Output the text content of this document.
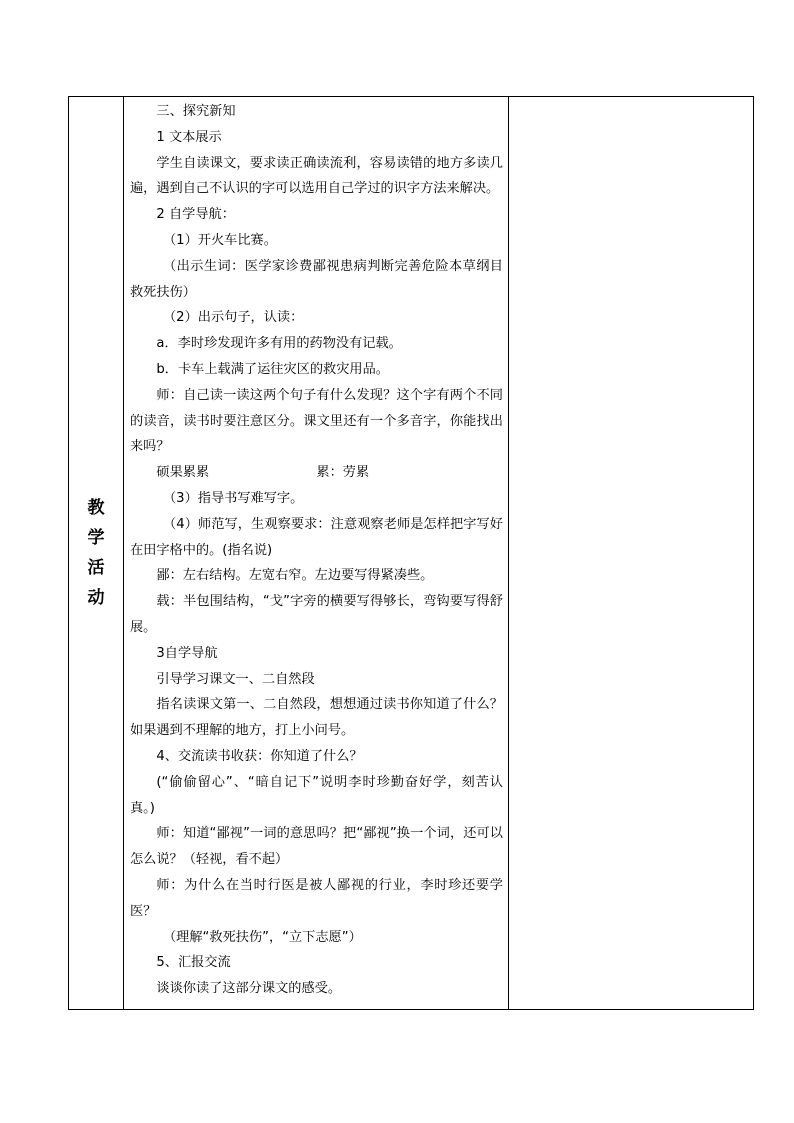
教学活动	

三、探究新知

1 文本展示

学生自读课文，要求读正确读流利，容易读错的地方多读几遍，遇到自己不认识的字可以选用自己学过的识字方法来解决。

2 自学导航：

（1）开火车比赛。

（出示生词：医学家诊费鄙视患病判断完善危险本草纲目救死扶伤）

（2）出示句子，认读：

a．李时珍发现许多有用的药物没有记载。

b．卡车上载满了运往灾区的救灾用品。

师：自己读一读这两个句子有什么发现？这个字有两个不同的读音，读书时要注意区分。课文里还有一个多音字，你能找出来吗？

硕果累累	累：劳累

（3）指导书写难写字。

（4）师范写，生观察要求：注意观察老师是怎样把字写好在田字格中的。(指名说)

鄙：左右结构。左宽右窄。左边要写得紧凑些。

载：半包围结构，“戈”字旁的横要写得够长，弯钩要写得舒展。

3自学导航

引导学习课文一、二自然段

指名读课文第一、二自然段，想想通过读书你知道了什么？如果遇到不理解的地方，打上小问号。

4、交流读书收获：你知道了什么？

(“偷偷留心”、“暗自记下”说明李时珍勤奋好学，刻苦认真。)

师：知道“鄙视”一词的意思吗？把“鄙视”换一个词，还可以怎么说？（轻视，看不起）

师：为什么在当时行医是被人鄙视的行业，李时珍还要学医？

（理解“救死扶伤”，“立下志愿”）

5、汇报交流

谈谈你读了这部分课文的感受。
